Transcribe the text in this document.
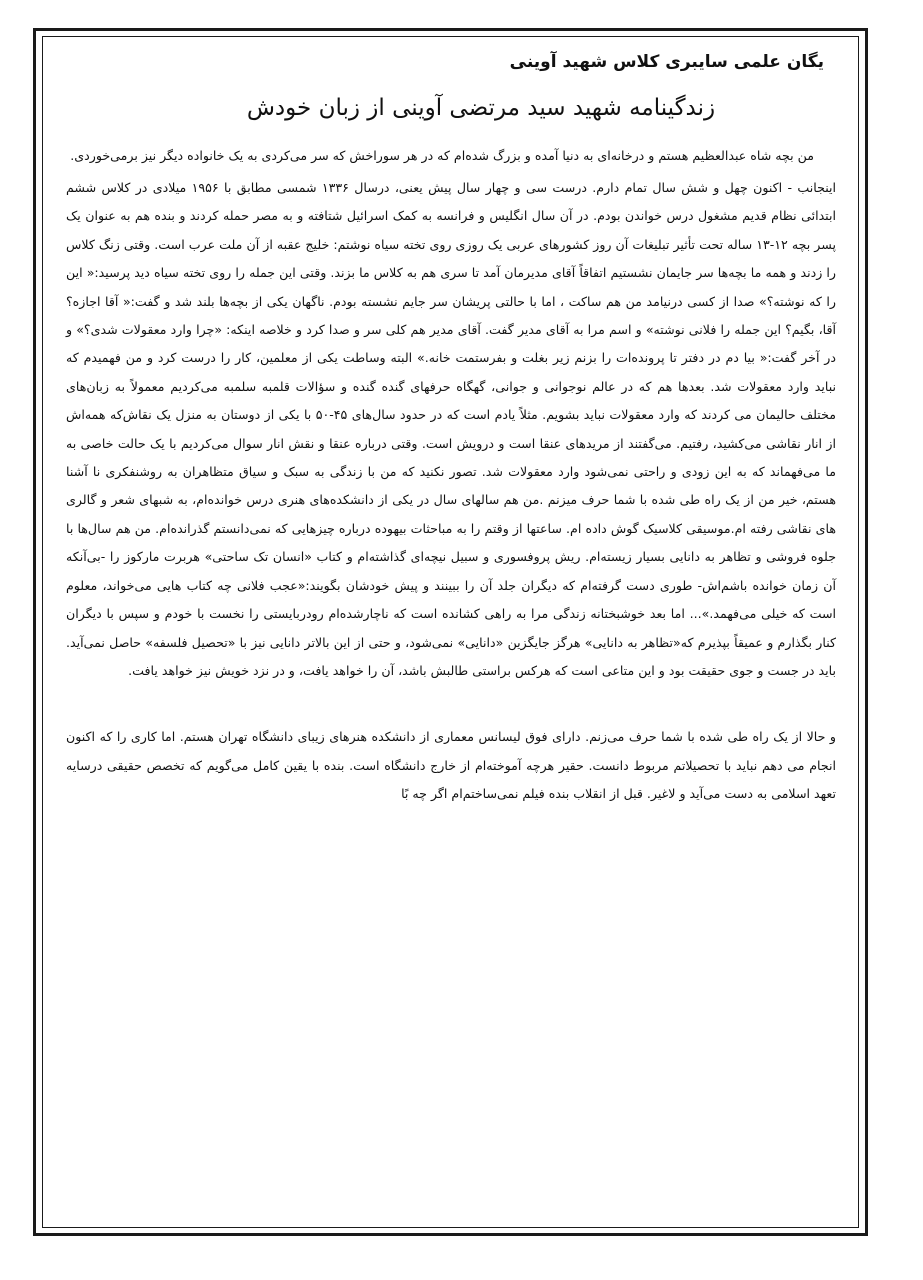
یگان علمی سایبری کلاس شهید آوینی

زندگینامه شهید سید مرتضی آوینی از زبان خودش

من بچه شاه عبدالعظیم هستم و درخانه‌ای به دنیا آمده و بزرگ شده‌ام که در هر سوراخش که سر می‌کردی به یک خانواده دیگر نیز برمی‌خوردی.

اینجانب - اکنون چهل و شش سال تمام دارم. درست سی و چهار سال پیش یعنی، درسال ۱۳۳۶ شمسی مطابق با ۱۹۵۶ میلادی در کلاس ششم ابتدائی نظام قدیم مشغول درس خواندن بودم. در آن سال انگلیس و فرانسه به کمک اسرائیل شتافته و به مصر حمله کردند و بنده هم به عنوان یک پسر بچه ۱۲-۱۳ ساله تحت تأثیر تبلیغات آن روز کشورهای عربی یک روزی روی تخته سیاه نوشتم: خلیج عقبه از آن ملت عرب است. وقتی زنگ کلاس را زدند و همه ما بچه‌ها سر جایمان نشستیم اتفاقاً آقای مدیرمان آمد تا سری هم به کلاس ما بزند. وقتی این جمله را روی تخته سیاه دید پرسید:« این را که نوشته؟» صدا از کسی درنیامد من هم ساکت ، اما با حالتی پریشان سر جایم نشسته بودم. ناگهان یکی از بچه‌ها بلند شد و گفت:« آقا اجازه؟ آقا، بگیم؟ این جمله را فلانی نوشته» و اسم مرا به آقای مدیر گفت. آقای مدیر هم کلی سر و صدا کرد و خلاصه اینکه: «چرا وارد معقولات شدی؟» و در آخر گفت:« بیا دم در دفتر تا پرونده‌ات را بزنم زیر بغلت و بفرستمت خانه.» البته وساطت یکی از معلمین، کار را درست کرد و من فهمیدم که نباید وارد معقولات شد. بعدها هم که در عالم نوجوانی و جوانی، گهگاه حرفهای گنده گنده و سؤالات قلمبه سلمبه می‌کردیم معمولاً به زبان‌های مختلف حالیمان می کردند که وارد معقولات نباید بشویم. مثلاً یادم است که در حدود سال‌های ۴۵-۵۰ با یکی از دوستان به منزل یک نقاش‌که همه‌اش از انار نقاشی می‌کشید، رفتیم. می‌گفتند از مریدهای عنقا است و درویش است. وقتی درباره عنقا و نقش انار سوال می‌کردیم با یک حالت خاصی به ما می‌فهماند که به این زودی و راحتی نمی‌شود وارد معقولات شد. تصور نکنید که من با زندگی به سبک و سیاق متظاهران به روشنفکری نا آشنا هستم، خیر من از یک راه طی شده با شما حرف میزنم .من هم سالهای سال در یکی از دانشکده‌های هنری درس خوانده‌ام، به شبهای شعر و گالری های نقاشی رفته ام.موسیقی کلاسیک گوش داده ام. ساعتها از وقتم را به مباحثات بیهوده درباره چیزهایی که نمی‌دانستم گذرانده‌ام. من هم سال‌ها با جلوه فروشی و تظاهر به دانایی بسیار زیسته‌ام. ریش پروفسوری و سبیل نیچه‌ای گذاشته‌ام و کتاب «انسان تک ساحتی» هربرت مارکوز را -بی‌آنکه آن زمان خوانده باشم‌اش- طوری دست گرفته‌ام که دیگران جلد آن را ببینند و پیش خودشان بگویند:«عجب فلانی چه کتاب هایی می‌خواند، معلوم است که خیلی می‌فهمد.»... اما بعد خوشبختانه زندگی مرا به راهی کشانده است که ناچارشده‌ام رودربایستی را نخست با خودم و سپس با دیگران کنار بگذارم و عمیقاً بپذیرم که«تظاهر به دانایی» هرگز جایگزین «دانایی» نمی‌شود، و حتی از این بالاتر دانایی نیز با «تحصیل فلسفه» حاصل نمی‌آید. باید در جست و جوی حقیقت بود و این متاعی است که هرکس براستی طالبش باشد، آن را خواهد یافت، و در نزد خویش نیز خواهد یافت.

و حالا از یک راه طی شده با شما حرف می‌زنم. دارای فوق لیسانس معماری از دانشکده هنرهای زیبای دانشگاه تهران هستم. اما کاری را که اکنون انجام می دهم نباید با تحصیلاتم مربوط دانست. حقیر هرچه آموخته‌ام از خارج دانشگاه است. بنده با یقین کامل می‌گویم که تخصص حقیقی درسایه تعهد اسلامی به دست می‌آید و لاغیر. قبل از انقلاب بنده فیلم نمی‌ساختم‌ام اگر چه بًا
